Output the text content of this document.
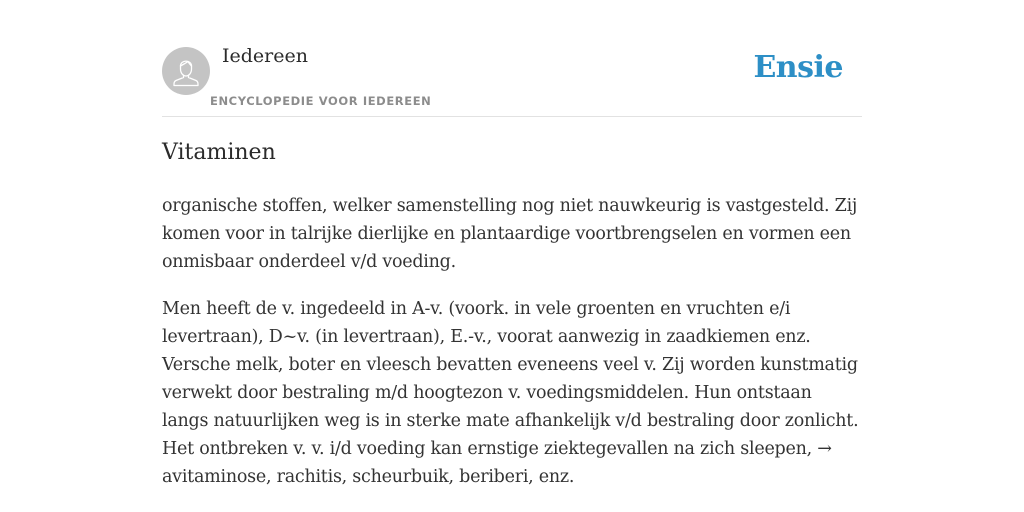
Iedereen
ENCYCLOPEDIE VOOR IEDEREEN
Ensie
Vitaminen

organische stoffen, welker samenstelling nog niet nauwkeurig is vastgesteld. Zij komen voor in talrijke dierlijke en plantaardige voortbrengselen en vormen een onmisbaar onderdeel v/d voeding.

Men heeft de v. ingedeeld in A-v. (voork. in vele groenten en vruchten e/i levertraan), D~v. (in levertraan), E.-v., voorat aanwezig in zaadkiemen enz. Versche melk, boter en vleesch bevatten eveneens veel v. Zij worden kunstmatig verwekt door bestraling m/d hoogtezon v. voedingsmiddelen. Hun ontstaan langs natuurlijken weg is in sterke mate afhankelijk v/d bestraling door zonlicht. Het ontbreken v. v. i/d voeding kan ernstige ziektegevallen na zich sleepen, → avitaminose, rachitis, scheurbuik, beriberi, enz.
